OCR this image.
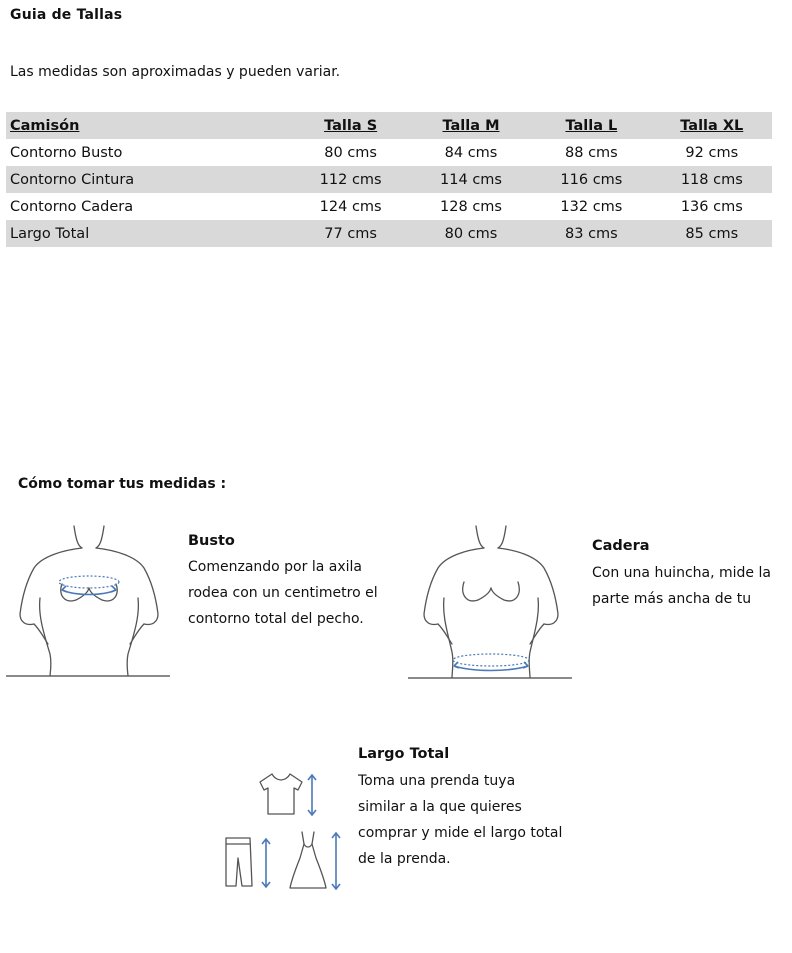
Guia de Tallas
Las medidas son aproximadas y pueden variar.
Camisón	Talla S	Talla M	Talla L	Talla XL
Contorno Busto	80 cms	84 cms	88 cms	92 cms
Contorno Cintura	112 cms	114 cms	116 cms	118 cms
Contorno Cadera	124 cms	128 cms	132 cms	136 cms
Largo Total	77 cms	80 cms	83 cms	85 cms
Cómo tomar tus medidas :
Busto
Comenzando por la axila
rodea con un centimetro el
contorno total del pecho.
Cadera
Con una huincha, mide la
parte más ancha de tu
Largo Total
Toma una prenda tuya
similar a la que quieres
comprar y mide el largo total
de la prenda.
